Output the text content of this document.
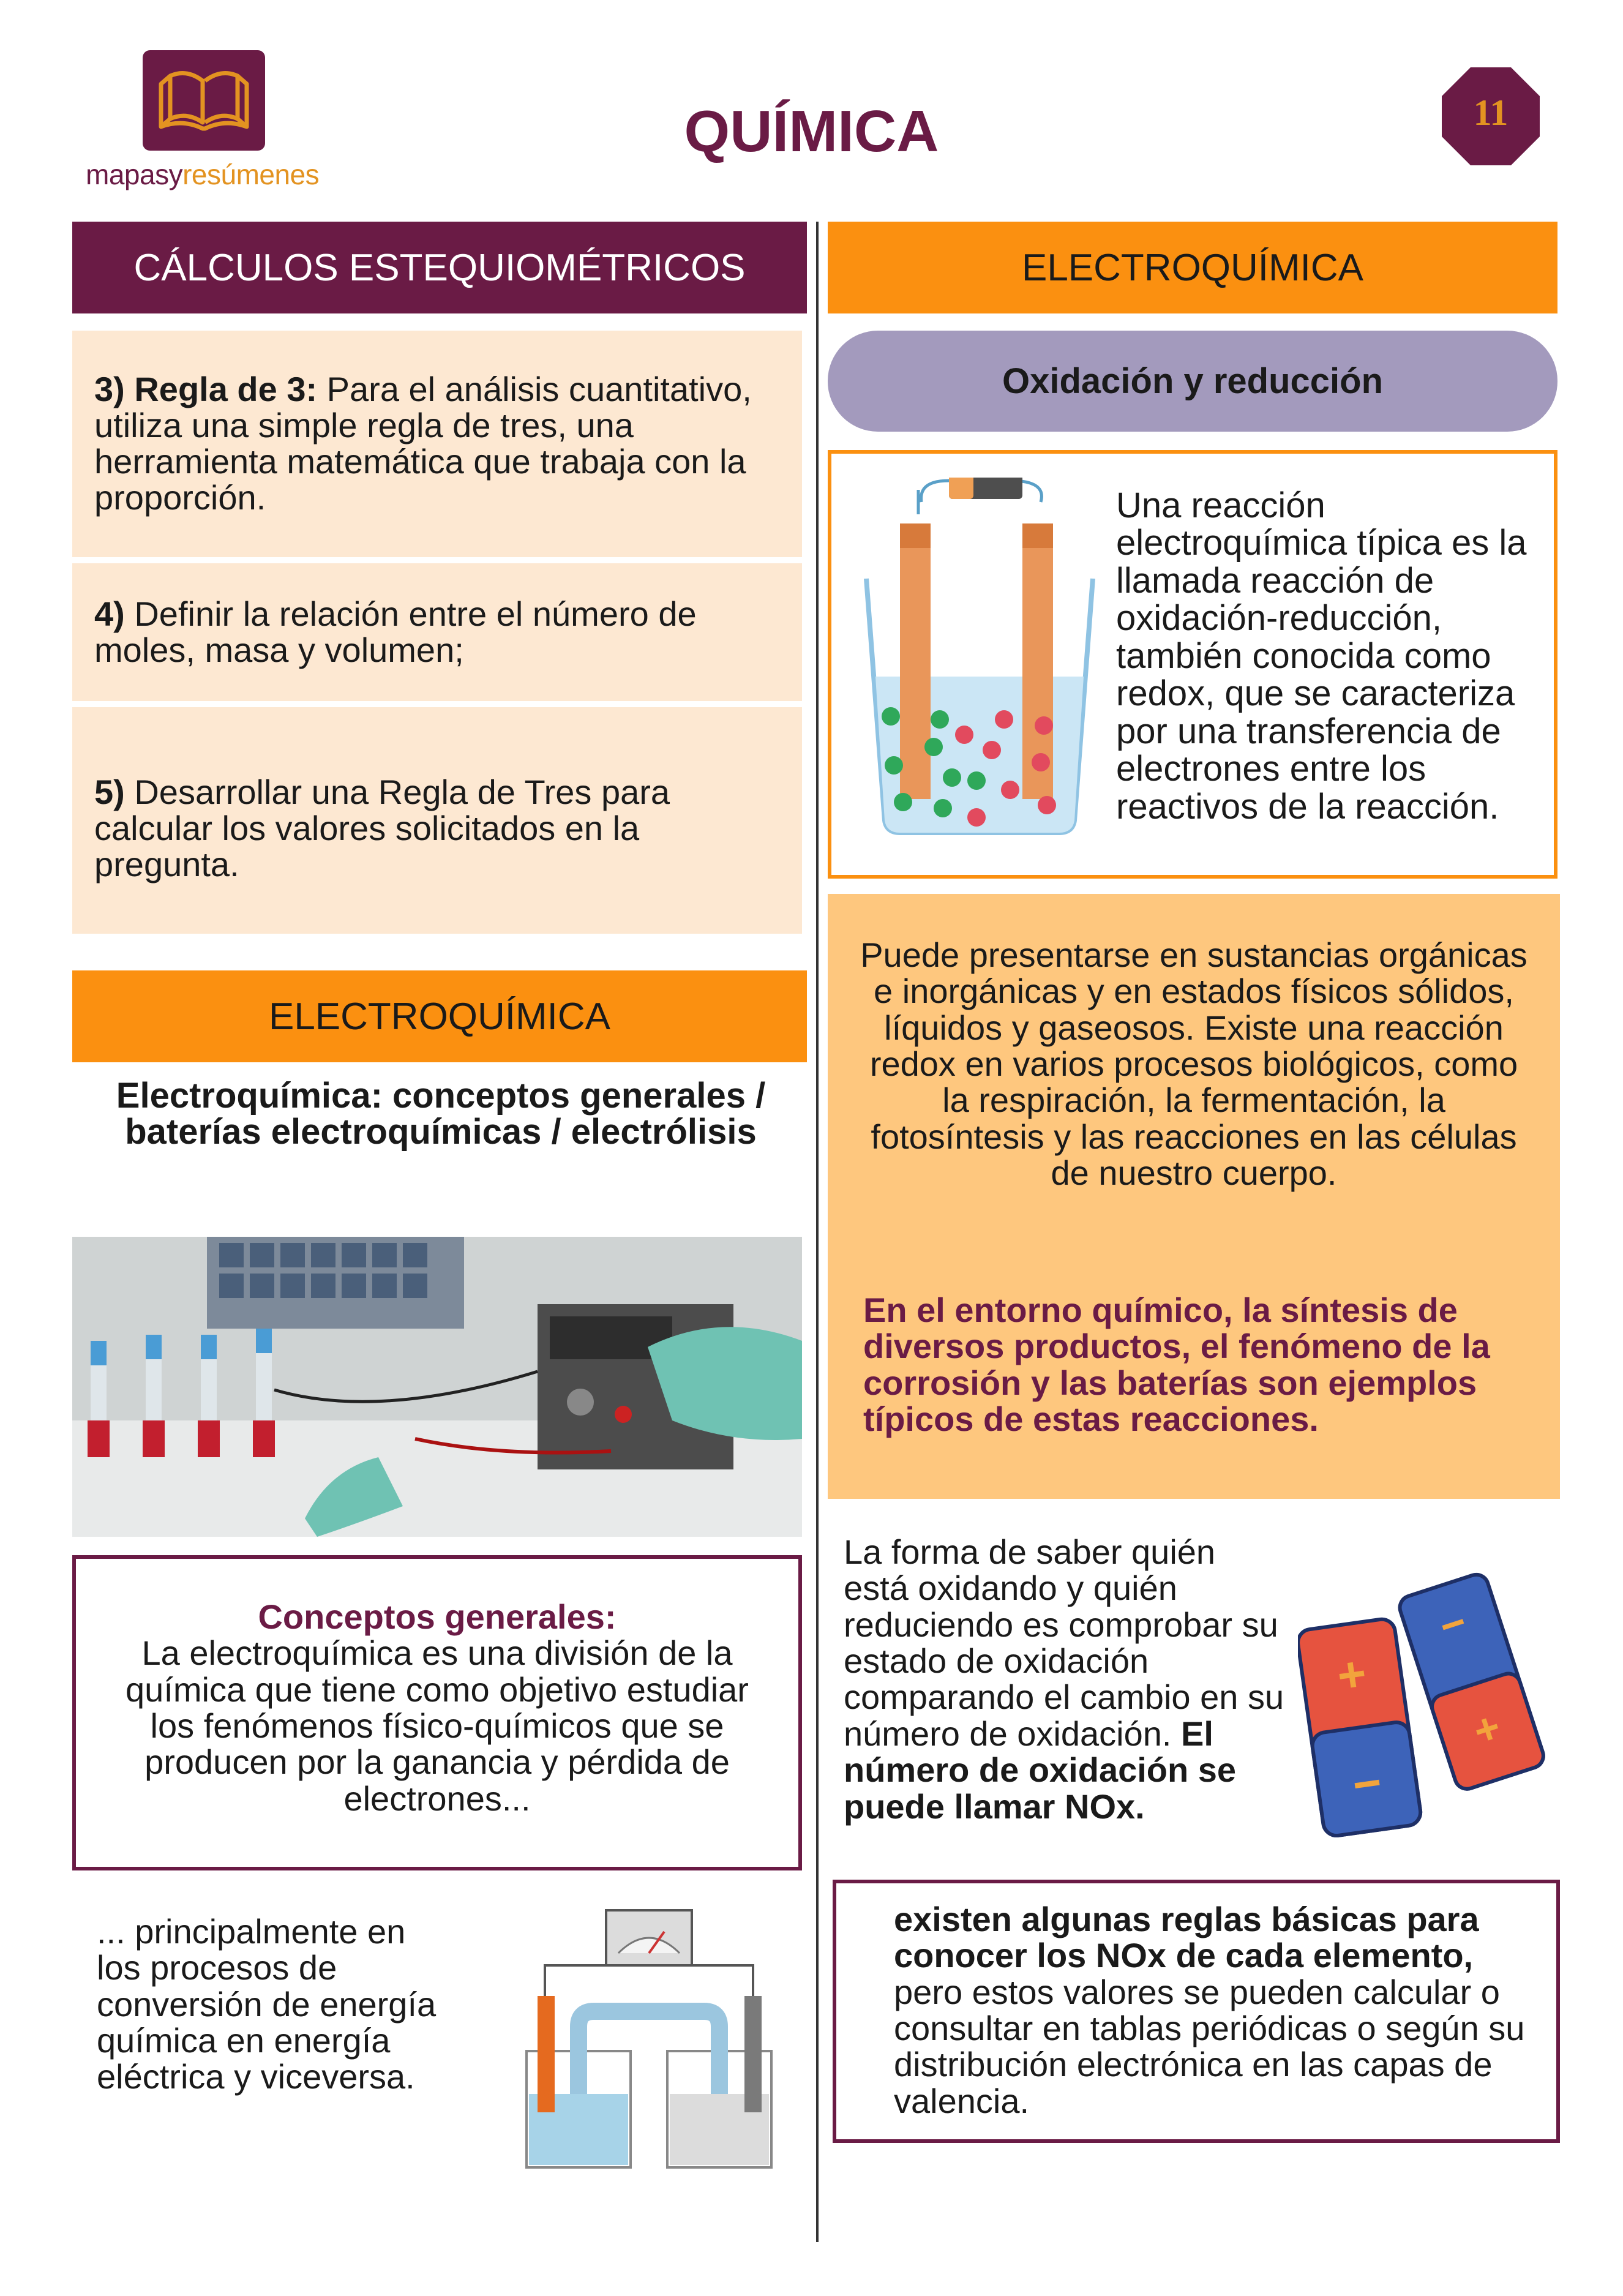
mapasyresúmenes
QUÍMICA	11
CÁLCULOS ESTEQUIOMÉTRICOS
3) Regla de 3: Para el análisis cuantitativo, utiliza una simple regla de tres, una herramienta matemática que trabaja con la proporción.
4) Definir la relación entre el número de moles, masa y volumen;
5) Desarrollar una Regla de Tres para calcular los valores solicitados en la pregunta.
ELECTROQUÍMICA
Electroquímica: conceptos generales / baterías electroquímicas / electrólisis
Conceptos generales:
La electroquímica es una división de la química que tiene como objetivo estudiar los fenómenos físico-químicos que se producen por la ganancia y pérdida de electrones...
... principalmente en los procesos de conversión de energía química en energía eléctrica y viceversa.
ELECTROQUÍMICA
Oxidación y reducción
Una reacción electroquímica típica es la llamada reacción de oxidación-reducción, también conocida como redox, que se caracteriza por una transferencia de electrones entre los reactivos de la reacción.
Puede presentarse en sustancias orgánicas e inorgánicas y en estados físicos sólidos, líquidos y gaseosos. Existe una reacción redox en varios procesos biológicos, como la respiración, la fermentación, la fotosíntesis y las reacciones en las células de nuestro cuerpo.
En el entorno químico, la síntesis de diversos productos, el fenómeno de la corrosión y las baterías son ejemplos típicos de estas reacciones.
La forma de saber quién está oxidando y quién reduciendo es comprobar su estado de oxidación comparando el cambio en su número de oxidación. El número de oxidación se puede llamar NOx.
−
+
+
−
existen algunas reglas básicas para conocer los NOx de cada elemento, pero estos valores se pueden calcular o consultar en tablas periódicas o según su distribución electrónica en las capas de valencia.
